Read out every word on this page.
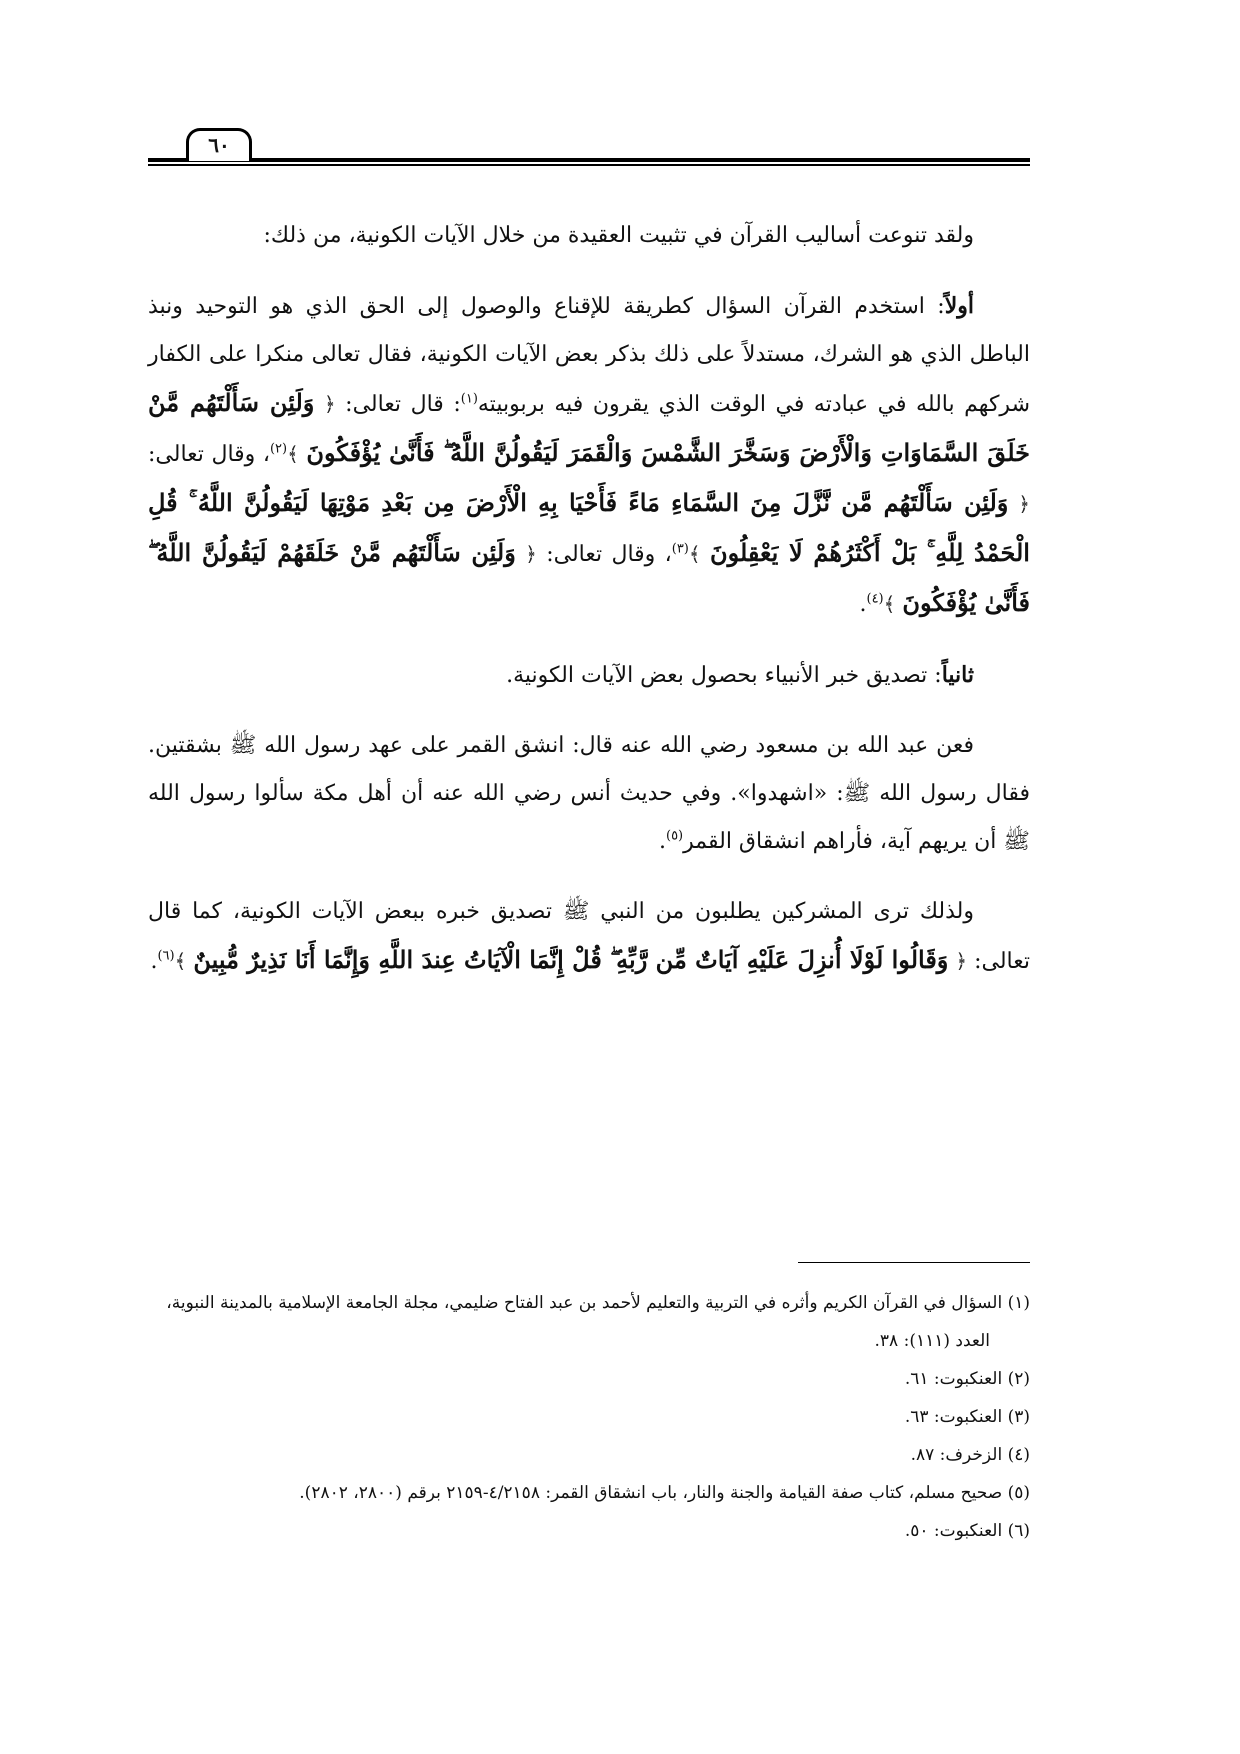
٦٠

ولقد تنوعت أساليب القرآن في تثبيت العقيدة من خلال الآيات الكونية، من ذلك:

أولاً: استخدم القرآن السؤال كطريقة للإقناع والوصول إلى الحق الذي هو التوحيد ونبذ الباطل الذي هو الشرك، مستدلاً على ذلك بذكر بعض الآيات الكونية، فقال تعالى منكرا على الكفار شركهم بالله في عبادته في الوقت الذي يقرون فيه بربوبيته$^{(١)}$: قال تعالى: ﴿ وَلَئِن سَأَلْتَهُم مَّنْ خَلَقَ السَّمَاوَاتِ وَالْأَرْضَ وَسَخَّرَ الشَّمْسَ وَالْقَمَرَ لَيَقُولُنَّ اللَّهُ ۖ فَأَنَّىٰ يُؤْفَكُونَ ﴾$^{(٢)}$، وقال تعالى: ﴿ وَلَئِن سَأَلْتَهُم مَّن نَّزَّلَ مِنَ السَّمَاءِ مَاءً فَأَحْيَا بِهِ الْأَرْضَ مِن بَعْدِ مَوْتِهَا لَيَقُولُنَّ اللَّهُ ۚ قُلِ الْحَمْدُ لِلَّهِ ۚ بَلْ أَكْثَرُهُمْ لَا يَعْقِلُونَ ﴾$^{(٣)}$، وقال تعالى: ﴿ وَلَئِن سَأَلْتَهُم مَّنْ خَلَقَهُمْ لَيَقُولُنَّ اللَّهُ ۖ فَأَنَّىٰ يُؤْفَكُونَ ﴾$^{(٤)}$.

ثانياً: تصديق خبر الأنبياء بحصول بعض الآيات الكونية.

فعن عبد الله بن مسعود رضي الله عنه قال: انشق القمر على عهد رسول الله ﷺ بشقتين. فقال رسول الله ﷺ: «اشهدوا». وفي حديث أنس رضي الله عنه أن أهل مكة سألوا رسول الله ﷺ أن يريهم آية، فأراهم انشقاق القمر$^{(٥)}$.

ولذلك ترى المشركين يطلبون من النبي ﷺ تصديق خبره ببعض الآيات الكونية، كما قال تعالى: ﴿ وَقَالُوا لَوْلَا أُنزِلَ عَلَيْهِ آيَاتٌ مِّن رَّبِّهِ ۖ قُلْ إِنَّمَا الْآيَاتُ عِندَ اللَّهِ وَإِنَّمَا أَنَا نَذِيرٌ مُّبِينٌ ﴾$^{(٦)}$.

(١) السؤال في القرآن الكريم وأثره في التربية والتعليم لأحمد بن عبد الفتاح ضليمي، مجلة الجامعة الإسلامية بالمدينة النبوية،

العدد (١١١): ٣٨.

(٢) العنكبوت: ٦١.

(٣) العنكبوت: ٦٣.

(٤) الزخرف: ٨٧.

(٥) صحيح مسلم، كتاب صفة القيامة والجنة والنار، باب انشقاق القمر: ٤/٢١٥٨-٢١٥٩ برقم (٢٨٠٠، ٢٨٠٢).

(٦) العنكبوت: ٥٠.
